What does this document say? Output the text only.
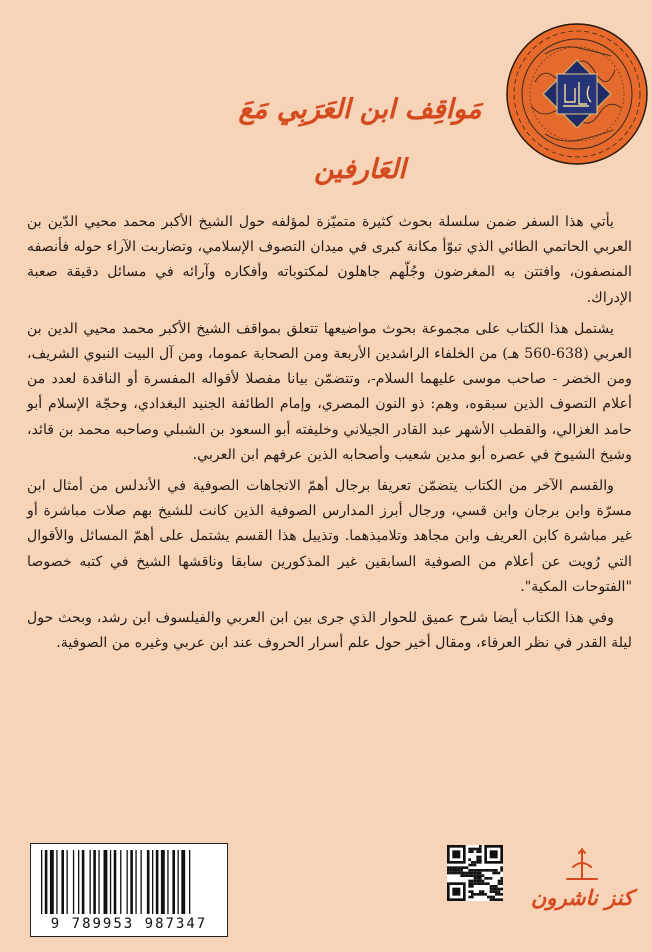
مَواقِف ابن العَرَبِي مَعَ العَارفين

يأتي هذا السفر ضمن سلسلة بحوث كثيرة متميّزة لمؤلفه حول الشيخ الأكبر محمد محيي الدّين بن العربي الحاتمي الطائي الذي تبوّأ مكانة كبرى في ميدان التصوف الإسلامي، وتضاربت الآراء حوله فأنصفه المنصفون، وافتتن به المغرضون وجُلّهم جاهلون لمكتوباته وأفكاره وآرائه في مسائل دقيقة صعبة الإدراك.

يشتمل هذا الكتاب على مجموعة بحوث مواضيعها تتعلق بمواقف الشيخ الأكبر محمد محيي الدين بن العربي (638-560 هـ) من الخلفاء الراشدين الأربعة ومن الصحابة عموما، ومن آل البيت النبوي الشريف، ومن الخضر - صاحب موسى عليهما السلام-، وتتضمّن بيانا مفصلا لأقواله المفسرة أو الناقدة لعدد من أعلام التصوف الذين سبقوه، وهم: ذو النون المصري، وإمام الطائفة الجنيد البغدادي، وحجّة الإسلام أبو حامد الغزالي، والقطب الأشهر عبد القادر الجيلاني وخليفته أبو السعود بن الشبلي وصاحبه محمد بن قائد، وشيخ الشيوخ في عصره أبو مدين شعيب وأصحابه الذين عرفهم ابن العربي.

والقسم الآخر من الكتاب يتضمّن تعريفا برجال أهمّ الاتجاهات الصوفية في الأندلس من أمثال ابن مسرّة وابن برجان وابن قسي، ورجال أبرز المدارس الصوفية الذين كانت للشيخ بهم صلات مباشرة أو غير مباشرة كابن العريف وابن مجاهد وتلاميذهما. وتذييل هذا القسم يشتمل على أهمّ المسائل والأقوال التي رُويت عن أعلام من الصوفية السابقين غير المذكورين سابقا وناقشها الشيخ في كتبه خصوصا "الفتوحات المكية".

وفي هذا الكتاب أيضا شرح عميق للحوار الذي جرى بين ابن العربي والفيلسوف ابن رشد، وبحث حول ليلة القدر في نظر العرفاء، ومقال أخير حول علم أسرار الحروف عند ابن عربي وغيره من الصوفية.

9 789953 987347
كنز ناشرون
